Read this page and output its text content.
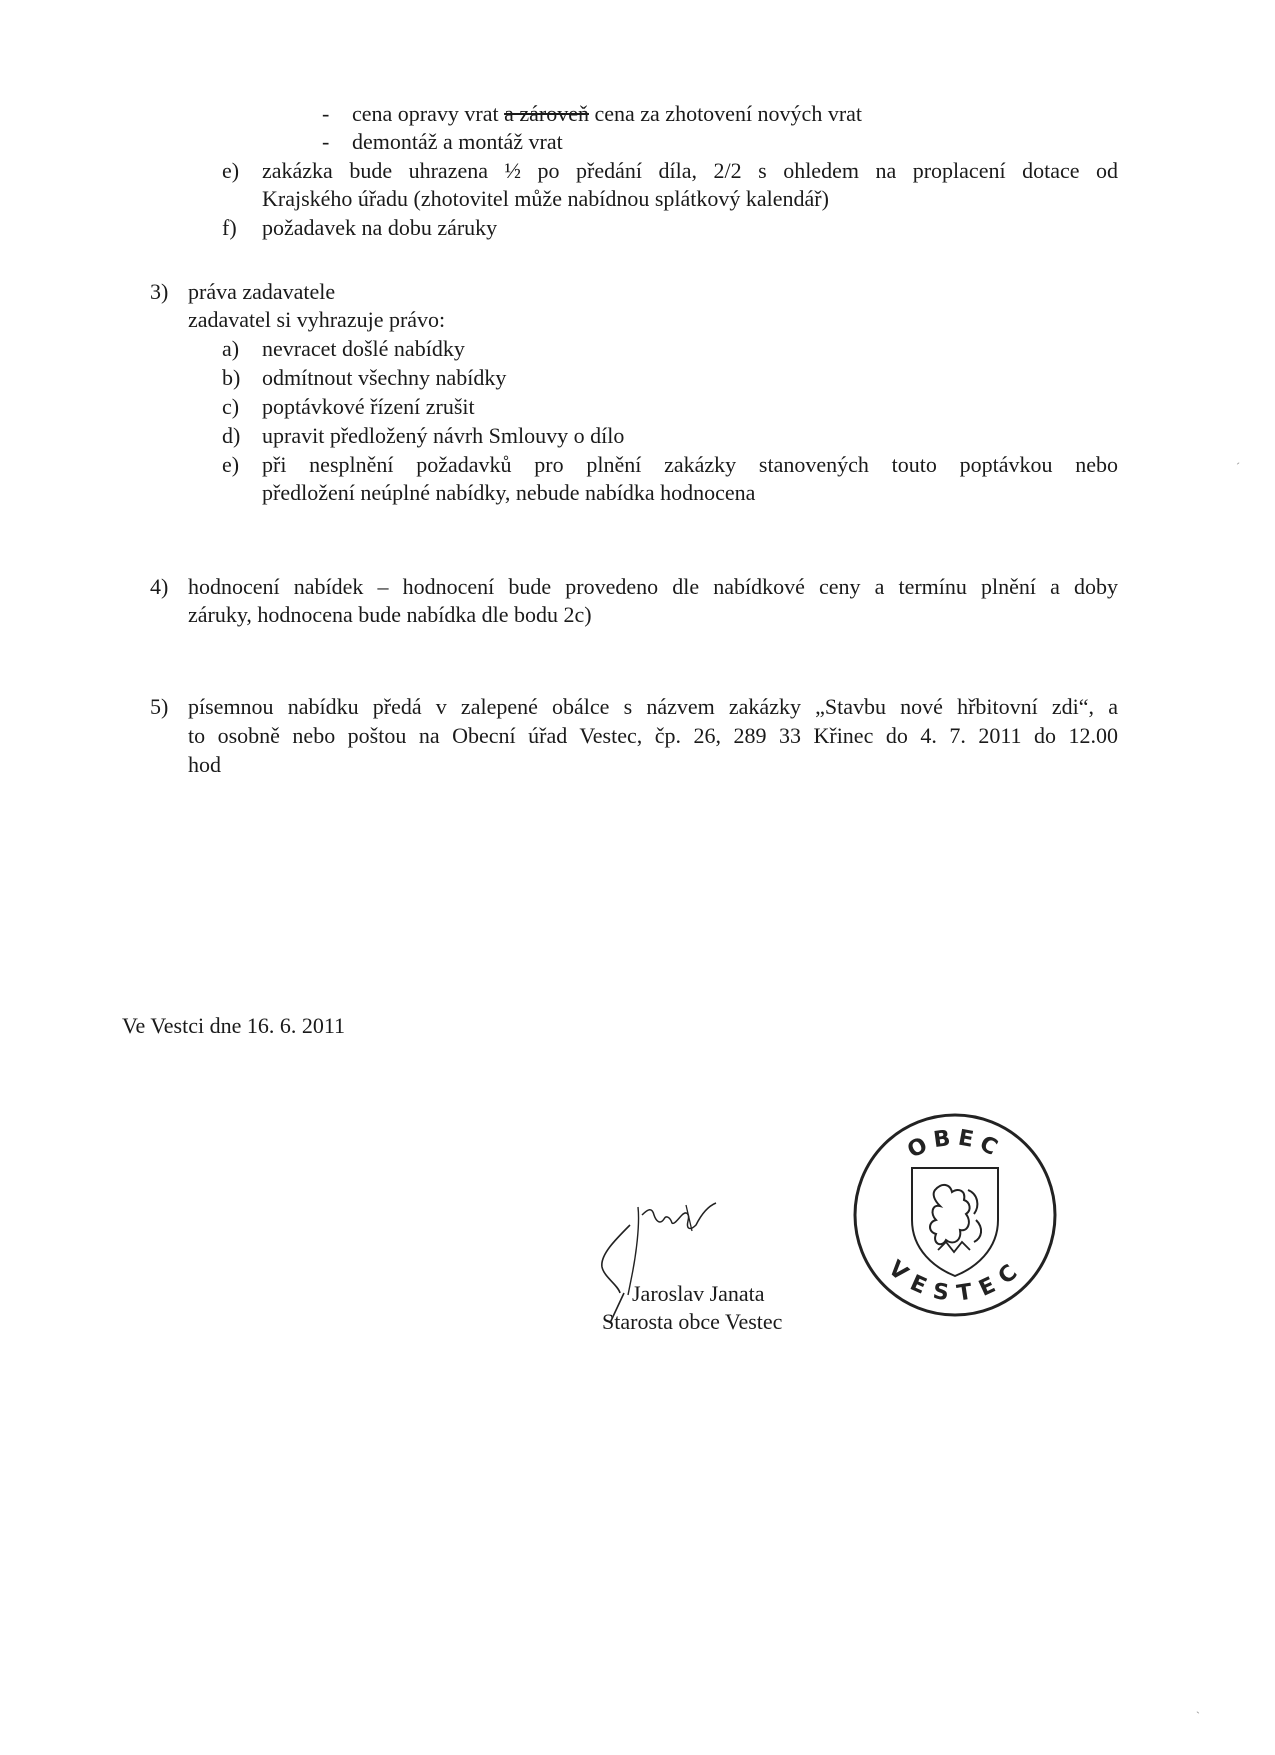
- cena opravy vrat a zároveň cena za zhotovení nových vrat
- demontáž a montáž vrat
e) zakázka bude uhrazena ½ po předání díla, 2/2 s ohledem na proplacení dotace od
Krajského úřadu (zhotovitel může nabídnou splátkový kalendář)
f) požadavek na dobu záruky
3) práva zadavatele
zadavatel si vyhrazuje právo:
a) nevracet došlé nabídky
b) odmítnout všechny nabídky
c) poptávkové řízení zrušit
d) upravit předložený návrh Smlouvy o dílo
e) při nesplnění požadavků pro plnění zakázky stanovených touto poptávkou nebo
předložení neúplné nabídky, nebude nabídka hodnocena
4) hodnocení nabídek – hodnocení bude provedeno dle nabídkové ceny a termínu plnění a doby
záruky, hodnocena bude nabídka dle bodu 2c)
5) písemnou nabídku předá v zalepené obálce s názvem zakázky „Stavbu nové hřbitovní zdi“, a
to osobně nebo poštou na Obecní úřad Vestec, čp. 26, 289 33 Křinec do 4. 7. 2011 do 12.00
hod
Ve Vestci dne 16. 6. 2011
Jaroslav Janata
Starosta obce Vestec
OBEC
VESTEC
ˊ
ˎ
